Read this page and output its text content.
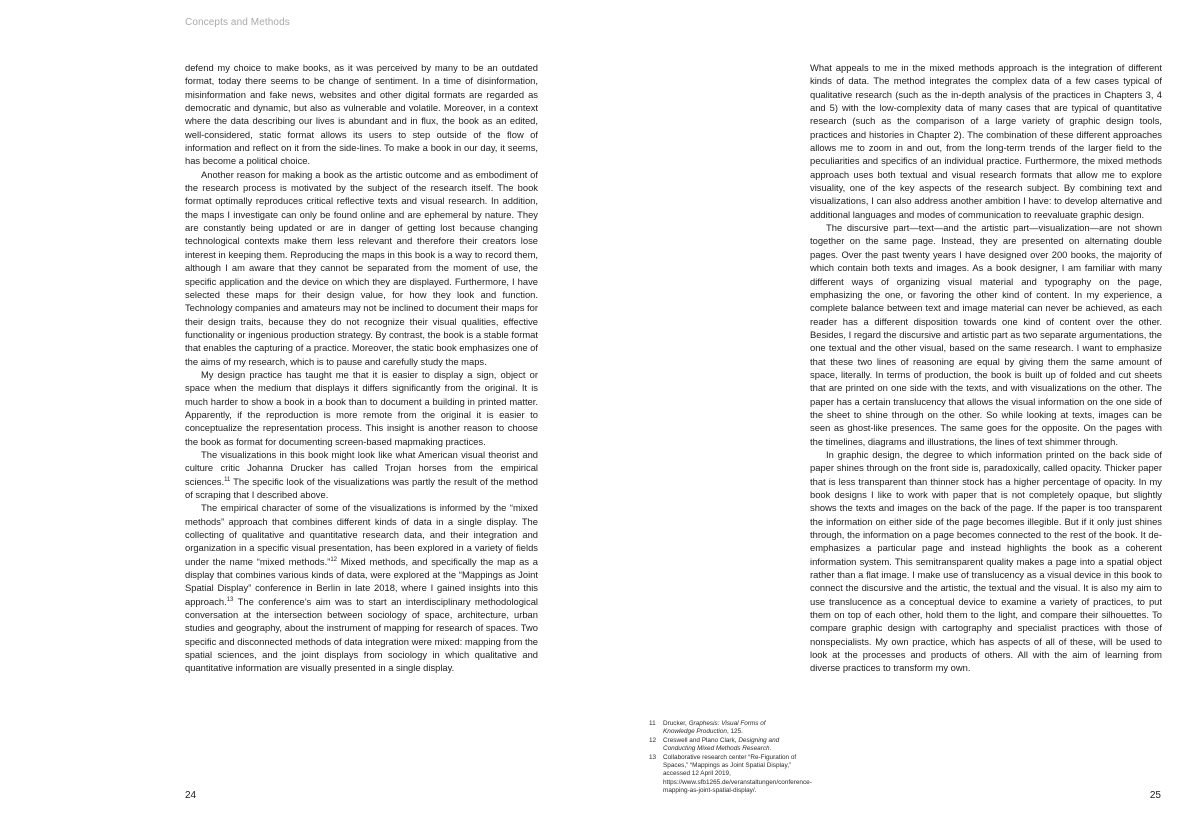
Concepts and Methods

defend my choice to make books, as it was perceived by many to be an outdated format, today there seems to be change of sentiment. In a time of disinformation, misinformation and fake news, websites and other digital formats are regarded as democratic and dynamic, but also as vulnerable and volatile. Moreover, in a context where the data describing our lives is abundant and in flux, the book as an edited, well-considered, static format allows its users to step outside of the flow of information and reflect on it from the side-lines. To make a book in our day, it seems, has become a political choice.

Another reason for making a book as the artistic outcome and as embodiment of the research process is motivated by the subject of the research itself. The book format optimally reproduces critical reflective texts and visual research. In addition, the maps I investigate can only be found online and are ephemeral by nature. They are constantly being updated or are in danger of getting lost because changing technological contexts make them less relevant and therefore their creators lose interest in keeping them. Reproducing the maps in this book is a way to record them, although I am aware that they cannot be separated from the moment of use, the specific application and the device on which they are displayed. Furthermore, I have selected these maps for their design value, for how they look and function. Technology companies and amateurs may not be inclined to document their maps for their design traits, because they do not recognize their visual qualities, effective functionality or ingenious production strategy. By contrast, the book is a stable format that enables the capturing of a practice. Moreover, the static book emphasizes one of the aims of my research, which is to pause and carefully study the maps.

My design practice has taught me that it is easier to display a sign, object or space when the medium that displays it differs significantly from the original. It is much harder to show a book in a book than to document a building in printed matter. Apparently, if the reproduction is more remote from the original it is easier to conceptualize the representation process. This insight is another reason to choose the book as format for documenting screen-based mapmaking practices.

The visualizations in this book might look like what American visual theorist and culture critic Johanna Drucker has called Trojan horses from the empirical sciences.$^{11}$ The specific look of the visualizations was partly the result of the method of scraping that I described above.

The empirical character of some of the visualizations is informed by the “mixed methods” approach that combines different kinds of data in a single display. The collecting of qualitative and quantitative research data, and their integration and organization in a specific visual presentation, has been explored in a variety of fields under the name “mixed methods.”$^{12}$ Mixed methods, and specifically the map as a display that combines various kinds of data, were explored at the “Mappings as Joint Spatial Display” conference in Berlin in late 2018, where I gained insights into this approach.$^{13}$ The conference’s aim was to start an interdisciplinary methodological conversation at the intersection between sociology of space, architecture, urban studies and geography, about the instrument of mapping for research of spaces. Two specific and disconnected methods of data integration were mixed: mapping from the spatial sciences, and the joint displays from sociology in which qualitative and quantitative information are visually presented in a single display.

What appeals to me in the mixed methods approach is the integration of different kinds of data. The method integrates the complex data of a few cases typical of qualitative research (such as the in-depth analysis of the practices in Chapters 3, 4 and 5) with the low-complexity data of many cases that are typical of quantitative research (such as the comparison of a large variety of graphic design tools, practices and histories in Chapter 2). The combination of these different approaches allows me to zoom in and out, from the long-term trends of the larger field to the peculiarities and specifics of an individual practice. Furthermore, the mixed methods approach uses both textual and visual research formats that allow me to explore visuality, one of the key aspects of the research subject. By combining text and visualizations, I can also address another ambition I have: to develop alternative and additional languages and modes of communication to reevaluate graphic design.

The discursive part—text—and the artistic part—visualization—are not shown together on the same page. Instead, they are presented on alternating double pages. Over the past twenty years I have designed over 200 books, the majority of which contain both texts and images. As a book designer, I am familiar with many different ways of organizing visual material and typography on the page, emphasizing the one, or favoring the other kind of content. In my experience, a complete balance between text and image material can never be achieved, as each reader has a different disposition towards one kind of content over the other. Besides, I regard the discursive and artistic part as two separate argumentations, the one textual and the other visual, based on the same research. I want to emphasize that these two lines of reasoning are equal by giving them the same amount of space, literally. In terms of production, the book is built up of folded and cut sheets that are printed on one side with the texts, and with visualizations on the other. The paper has a certain translucency that allows the visual information on the one side of the sheet to shine through on the other. So while looking at texts, images can be seen as ghost-like presences. The same goes for the opposite. On the pages with the timelines, diagrams and illustrations, the lines of text shimmer through.

In graphic design, the degree to which information printed on the back side of paper shines through on the front side is, paradoxically, called opacity. Thicker paper that is less transparent than thinner stock has a higher percentage of opacity. In my book designs I like to work with paper that is not completely opaque, but slightly shows the texts and images on the back of the page. If the paper is too transparent the information on either side of the page becomes illegible. But if it only just shines through, the information on a page becomes connected to the rest of the book. It de-emphasizes a particular page and instead highlights the book as a coherent information system. This semitransparent quality makes a page into a spatial object rather than a flat image. I make use of translucency as a visual device in this book to connect the discursive and the artistic, the textual and the visual. It is also my aim to use translucence as a conceptual device to examine a variety of practices, to put them on top of each other, hold them to the light, and compare their silhouettes. To compare graphic design with cartography and specialist practices with those of nonspecialists. My own practice, which has aspects of all of these, will be used to look at the processes and products of others. All with the aim of learning from diverse practices to transform my own.

11	Drucker, Graphesis: Visual Forms of Knowledge Production, 125.
12	Creswell and Plano Clark, Designing and Conducting Mixed Methods Research.
13	Collaborative research center “Re-Figuration of Spaces,” “Mappings as Joint Spatial Display,” accessed 12 April 2019, https://www.sfb1265.de/veranstaltungen/conference-mapping-as-joint-spatial-display/.
24	25
